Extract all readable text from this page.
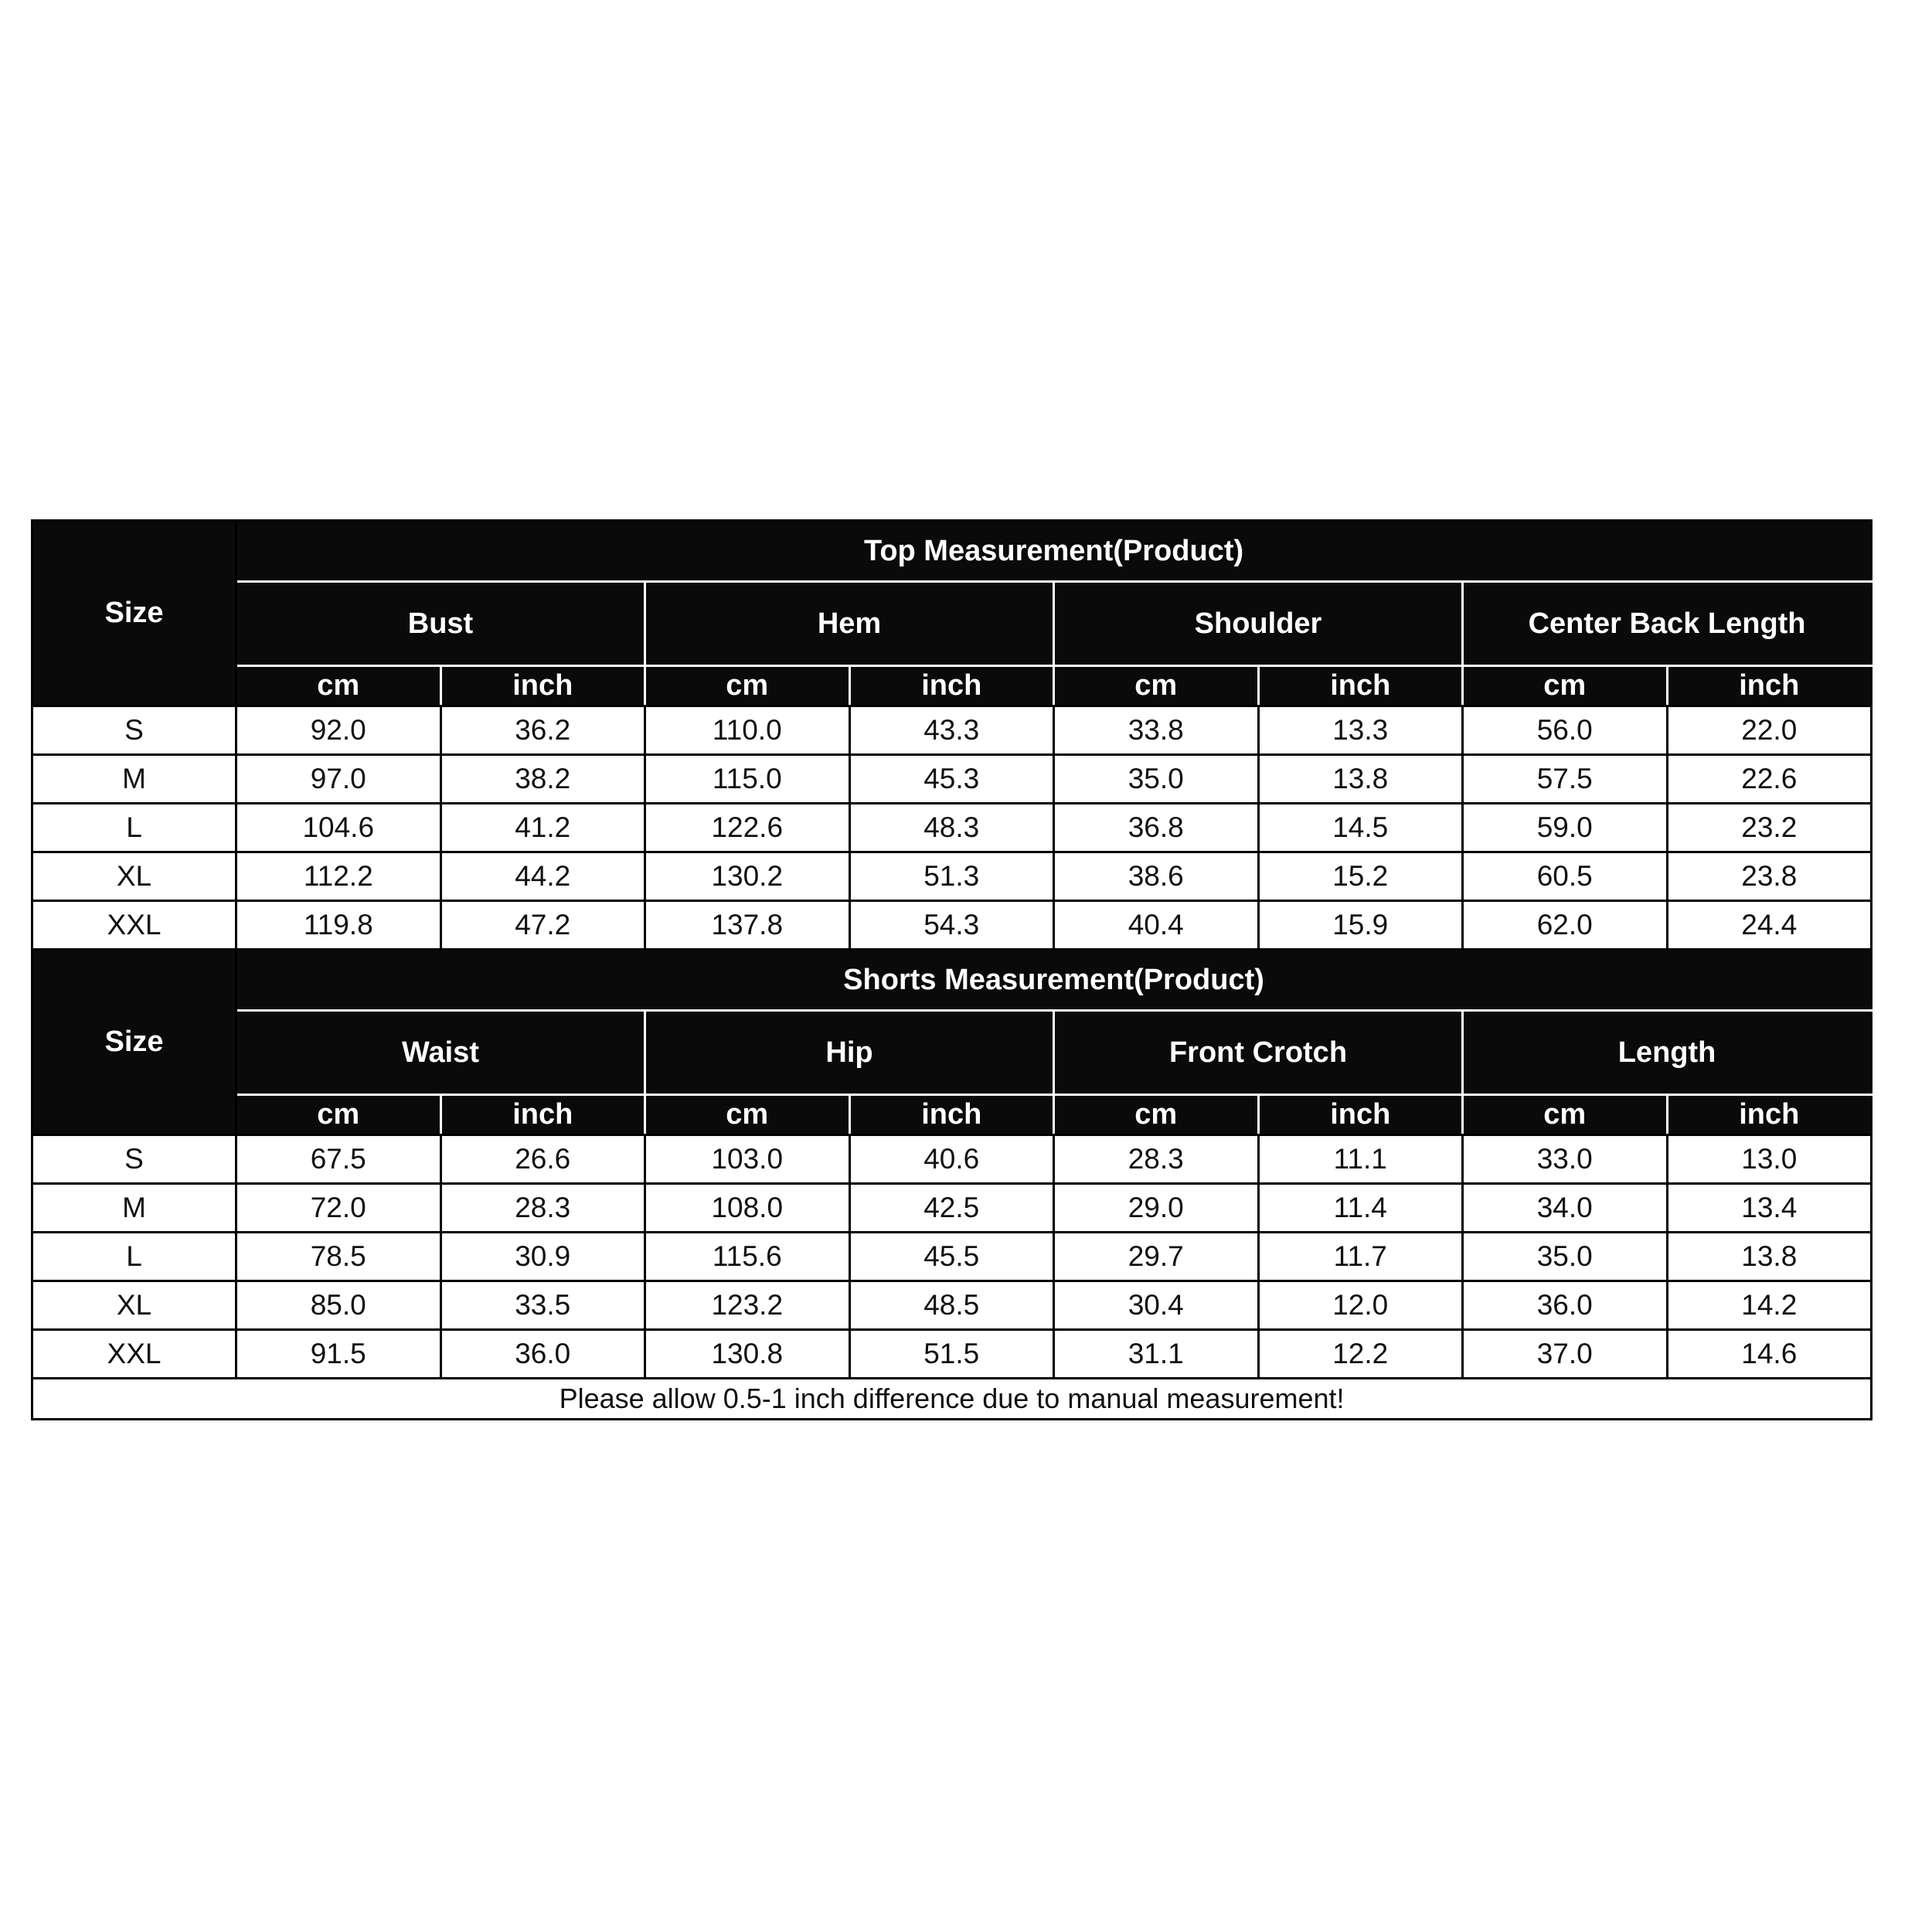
Size	Top Measurement(Product)							
	Bust		Hem		Shoulder		Center Back Length	
	cm	inch	cm	inch	cm	inch	cm	inch
S	92.0	36.2	110.0	43.3	33.8	13.3	56.0	22.0
M	97.0	38.2	115.0	45.3	35.0	13.8	57.5	22.6
L	104.6	41.2	122.6	48.3	36.8	14.5	59.0	23.2
XL	112.2	44.2	130.2	51.3	38.6	15.2	60.5	23.8
XXL	119.8	47.2	137.8	54.3	40.4	15.9	62.0	24.4
Size	Shorts Measurement(Product)							
	Waist		Hip		Front Crotch		Length	
	cm	inch	cm	inch	cm	inch	cm	inch
S	67.5	26.6	103.0	40.6	28.3	11.1	33.0	13.0
M	72.0	28.3	108.0	42.5	29.0	11.4	34.0	13.4
L	78.5	30.9	115.6	45.5	29.7	11.7	35.0	13.8
XL	85.0	33.5	123.2	48.5	30.4	12.0	36.0	14.2
XXL	91.5	36.0	130.8	51.5	31.1	12.2	37.0	14.6
Please allow 0.5-1 inch difference due to manual measurement!								
